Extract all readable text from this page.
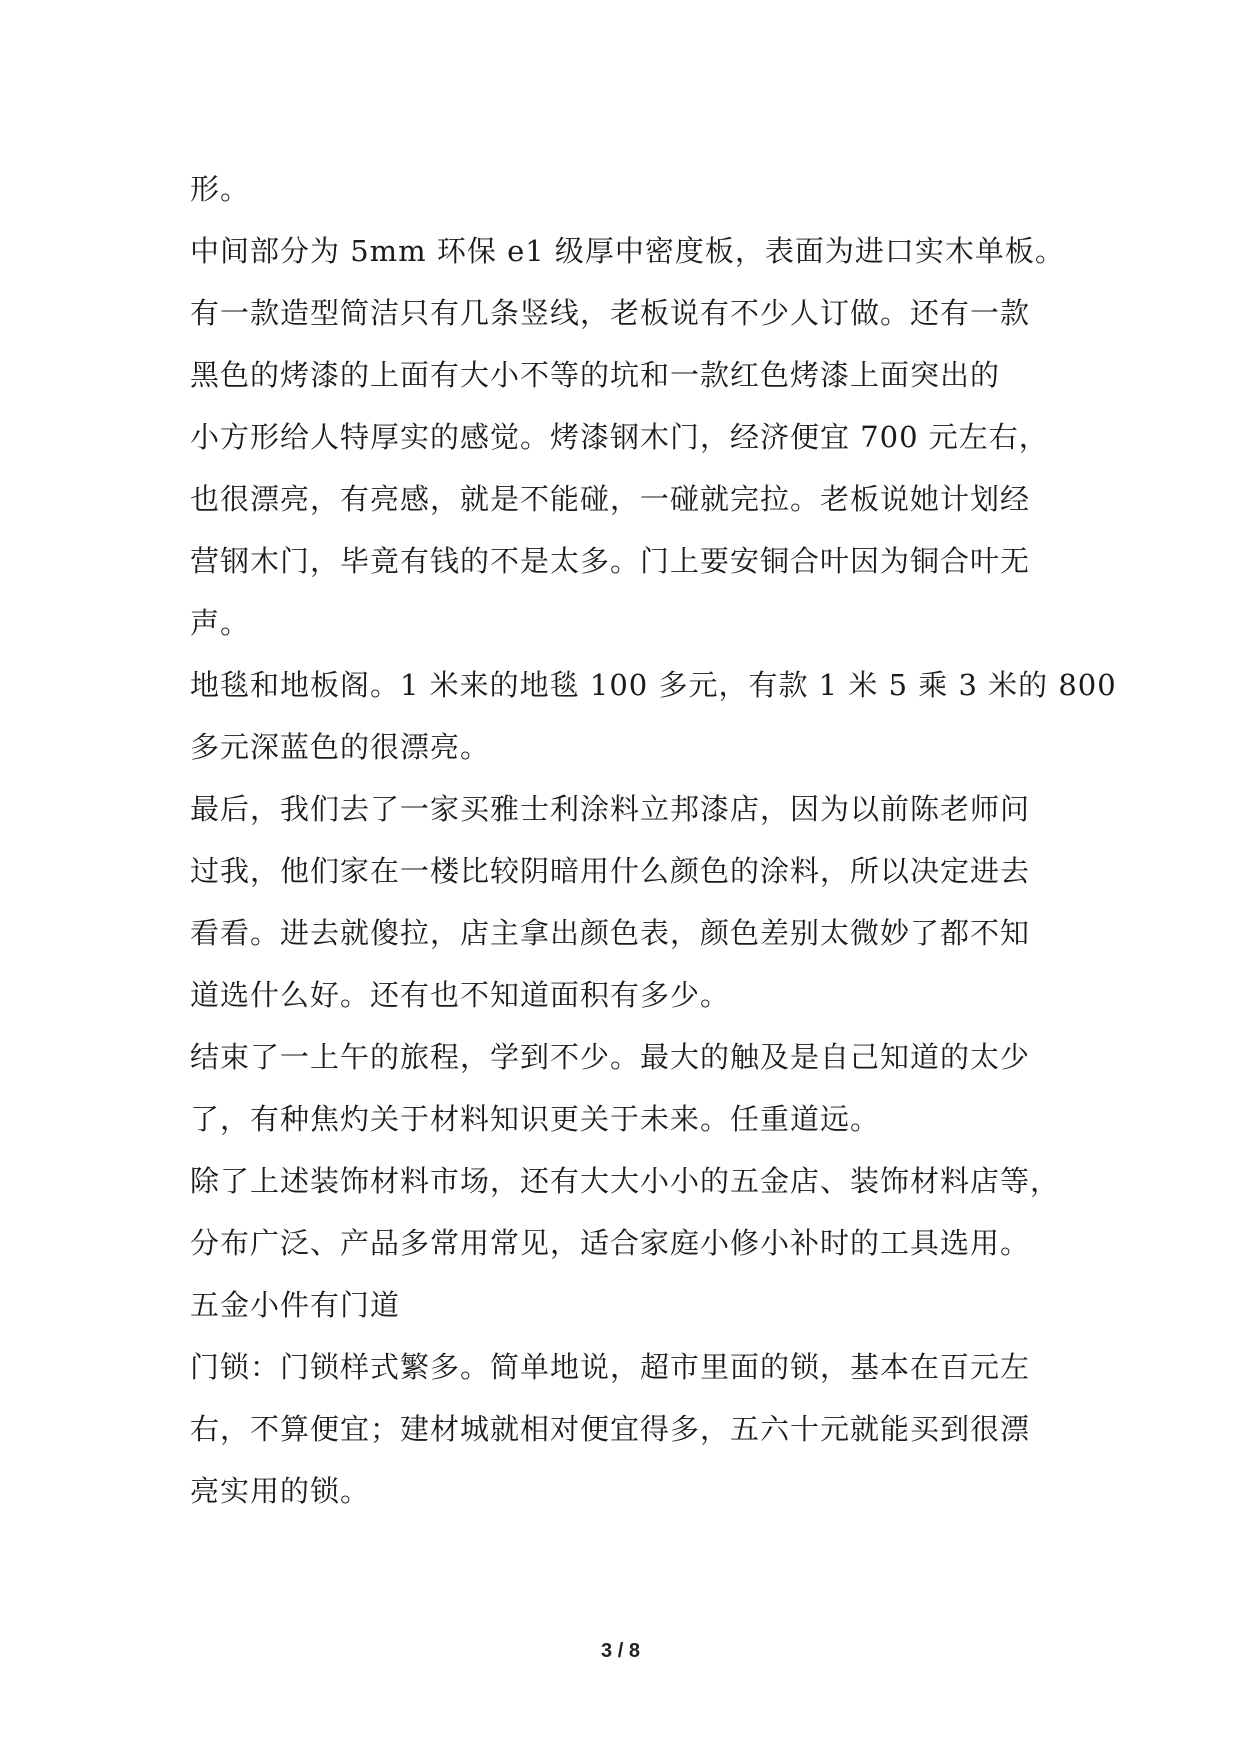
形。
中间部分为 5mm 环保 e1 级厚中密度板，表面为进口实木单板。
有一款造型简洁只有几条竖线，老板说有不少人订做。还有一款
黑色的烤漆的上面有大小不等的坑和一款红色烤漆上面突出的
小方形给人特厚实的感觉。烤漆钢木门，经济便宜 700 元左右，
也很漂亮，有亮感，就是不能碰，一碰就完拉。老板说她计划经
营钢木门，毕竟有钱的不是太多。门上要安铜合叶因为铜合叶无
声。
地毯和地板阁。1 米来的地毯 100 多元，有款 1 米 5 乘 3 米的 800
多元深蓝色的很漂亮。
最后，我们去了一家买雅士利涂料立邦漆店，因为以前陈老师问
过我，他们家在一楼比较阴暗用什么颜色的涂料，所以决定进去
看看。进去就傻拉，店主拿出颜色表，颜色差别太微妙了都不知
道选什么好。还有也不知道面积有多少。
结束了一上午的旅程，学到不少。最大的触及是自己知道的太少
了，有种焦灼关于材料知识更关于未来。任重道远。
除了上述装饰材料市场，还有大大小小的五金店、装饰材料店等，
分布广泛、产品多常用常见，适合家庭小修小补时的工具选用。
五金小件有门道
门锁：门锁样式繁多。简单地说，超市里面的锁，基本在百元左
右，不算便宜；建材城就相对便宜得多，五六十元就能买到很漂
亮实用的锁。
3 / 8
